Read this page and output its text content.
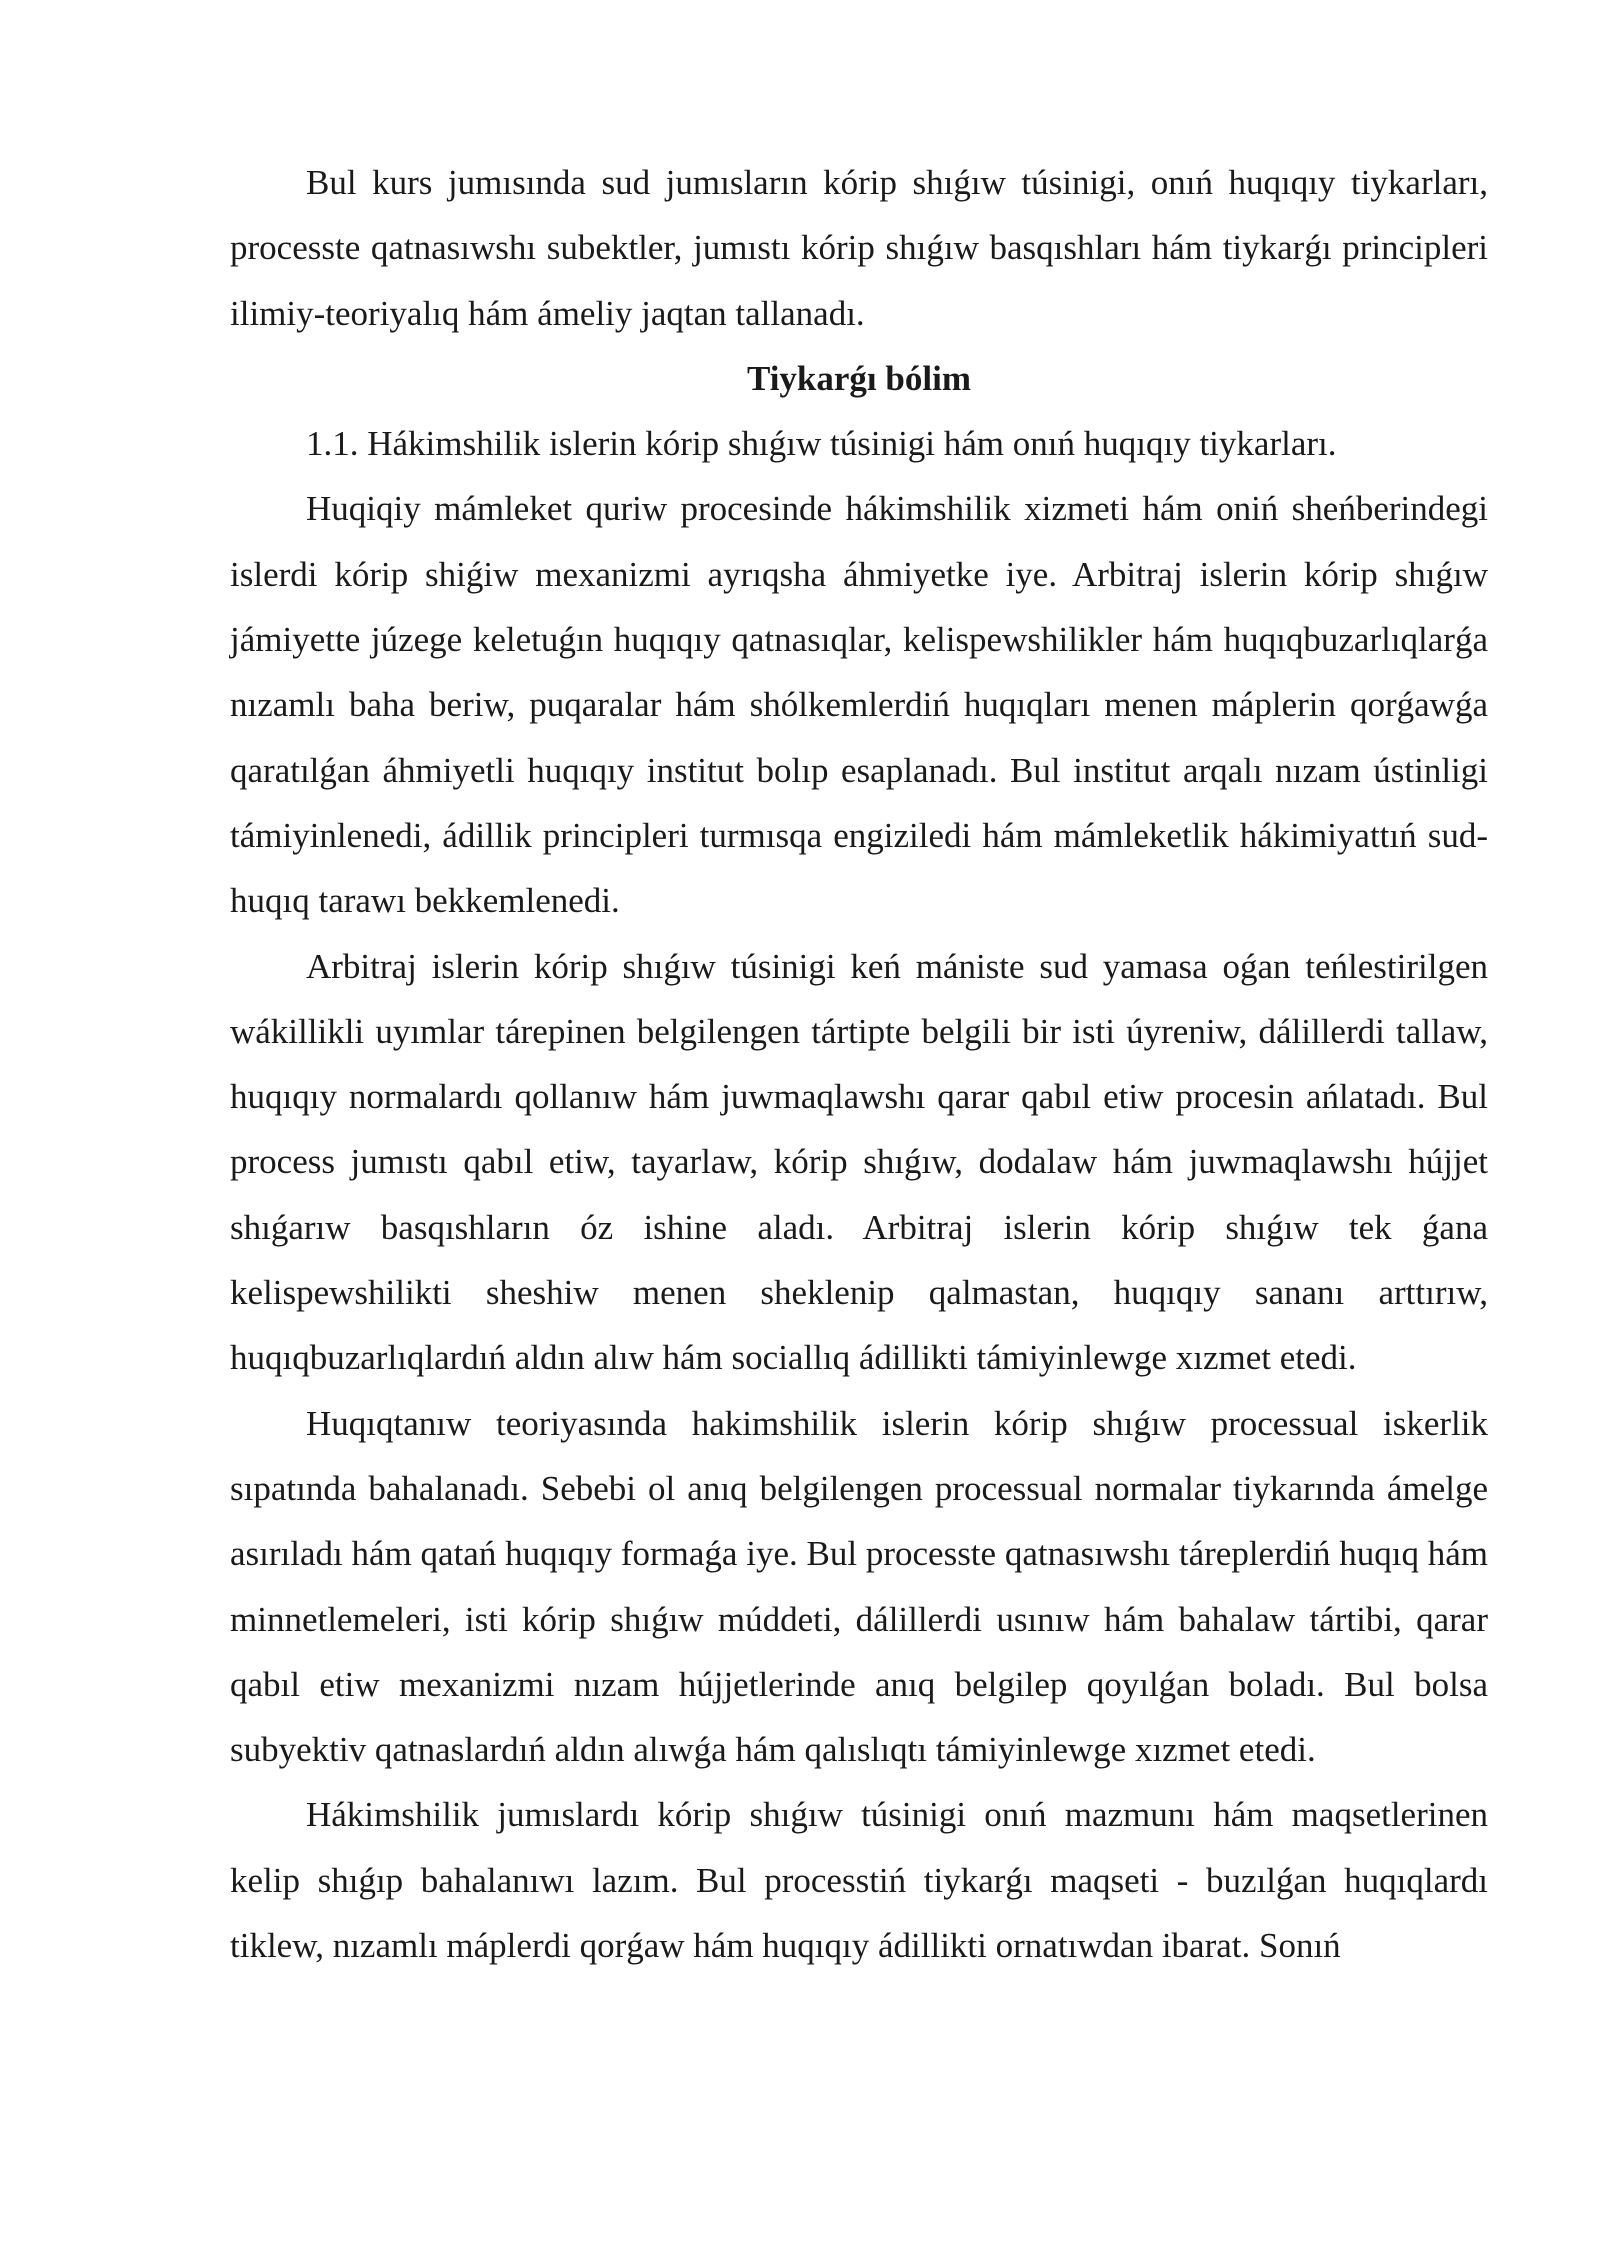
Bul kurs jumısında sud jumısların kórip shıǵıw túsinigi, onıń huqıqıy tiykarları, processte qatnasıwshı subektler, jumıstı kórip shıǵıw basqıshları hám tiykarǵı principleri ilimiy-teoriyalıq hám ámeliy jaqtan tallanadı.

Tiykarǵı bólim

1.1. Hákimshilik islerin kórip shıǵıw túsinigi hám onıń huqıqıy tiykarları.

Huqiqiy mámleket quriw procesinde hákimshilik xizmeti hám oniń sheńberindegi islerdi kórip shiǵiw mexanizmi ayrıqsha áhmiyetke iye. Arbitraj islerin kórip shıǵıw jámiyette júzege keletuǵın huqıqıy qatnasıqlar, kelispewshilikler hám huqıqbuzarlıqlarǵa nızamlı baha beriw, puqaralar hám shólkemlerdiń huqıqları menen máplerin qorǵawǵa qaratılǵan áhmiyetli huqıqıy institut bolıp esaplanadı. Bul institut arqalı nızam ústinligi támiyinlenedi, ádillik principleri turmısqa engiziledi hám mámleketlik hákimiyattıń sud-huqıq tarawı bekkemlenedi.

Arbitraj islerin kórip shıǵıw túsinigi keń mániste sud yamasa oǵan teńlestirilgen wákillikli uyımlar tárepinen belgilengen tártipte belgili bir isti úyreniw, dálillerdi tallaw, huqıqıy normalardı qollanıw hám juwmaqlawshı qarar qabıl etiw procesin ańlatadı. Bul process jumıstı qabıl etiw, tayarlaw, kórip shıǵıw, dodalaw hám juwmaqlawshı hújjet shıǵarıw basqıshların óz ishine aladı. Arbitraj islerin kórip shıǵıw tek ǵana kelispewshilikti sheshiw menen sheklenip qalmastan, huqıqıy sananı arttırıw, huqıqbuzarlıqlardıń aldın alıw hám sociallıq ádillikti támiyinlewge xızmet etedi.

Huqıqtanıw teoriyasında hakimshilik islerin kórip shıǵıw processual iskerlik sıpatında bahalanadı. Sebebi ol anıq belgilengen processual normalar tiykarında ámelge asırıladı hám qatań huqıqıy formaǵa iye. Bul processte qatnasıwshı táreplerdiń huqıq hám minnetlemeleri, isti kórip shıǵıw múddeti, dálillerdi usınıw hám bahalaw tártibi, qarar qabıl etiw mexanizmi nızam hújjetlerinde anıq belgilep qoyılǵan boladı. Bul bolsa subyektiv qatnaslardıń aldın alıwǵa hám qalıslıqtı támiyinlewge xızmet etedi.

Hákimshilik jumıslardı kórip shıǵıw túsinigi onıń mazmunı hám maqsetlerinen kelip shıǵıp bahalanıwı lazım. Bul processtiń tiykarǵı maqseti - buzılǵan huqıqlardı tiklew, nızamlı máplerdi qorǵaw hám huqıqıy ádillikti ornatıwdan ibarat. Sonıń
